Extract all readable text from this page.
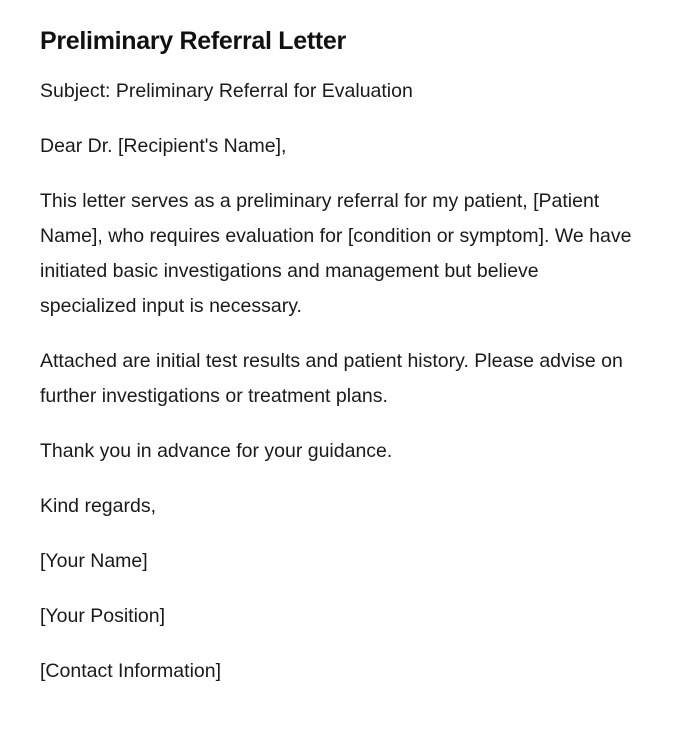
Preliminary Referral Letter

Subject: Preliminary Referral for Evaluation

Dear Dr. [Recipient's Name],

This letter serves as a preliminary referral for my patient, [Patient Name], who requires evaluation for [condition or symptom]. We have initiated basic investigations and management but believe specialized input is necessary.

Attached are initial test results and patient history. Please advise on further investigations or treatment plans.

Thank you in advance for your guidance.

Kind regards,

[Your Name]

[Your Position]

[Contact Information]
